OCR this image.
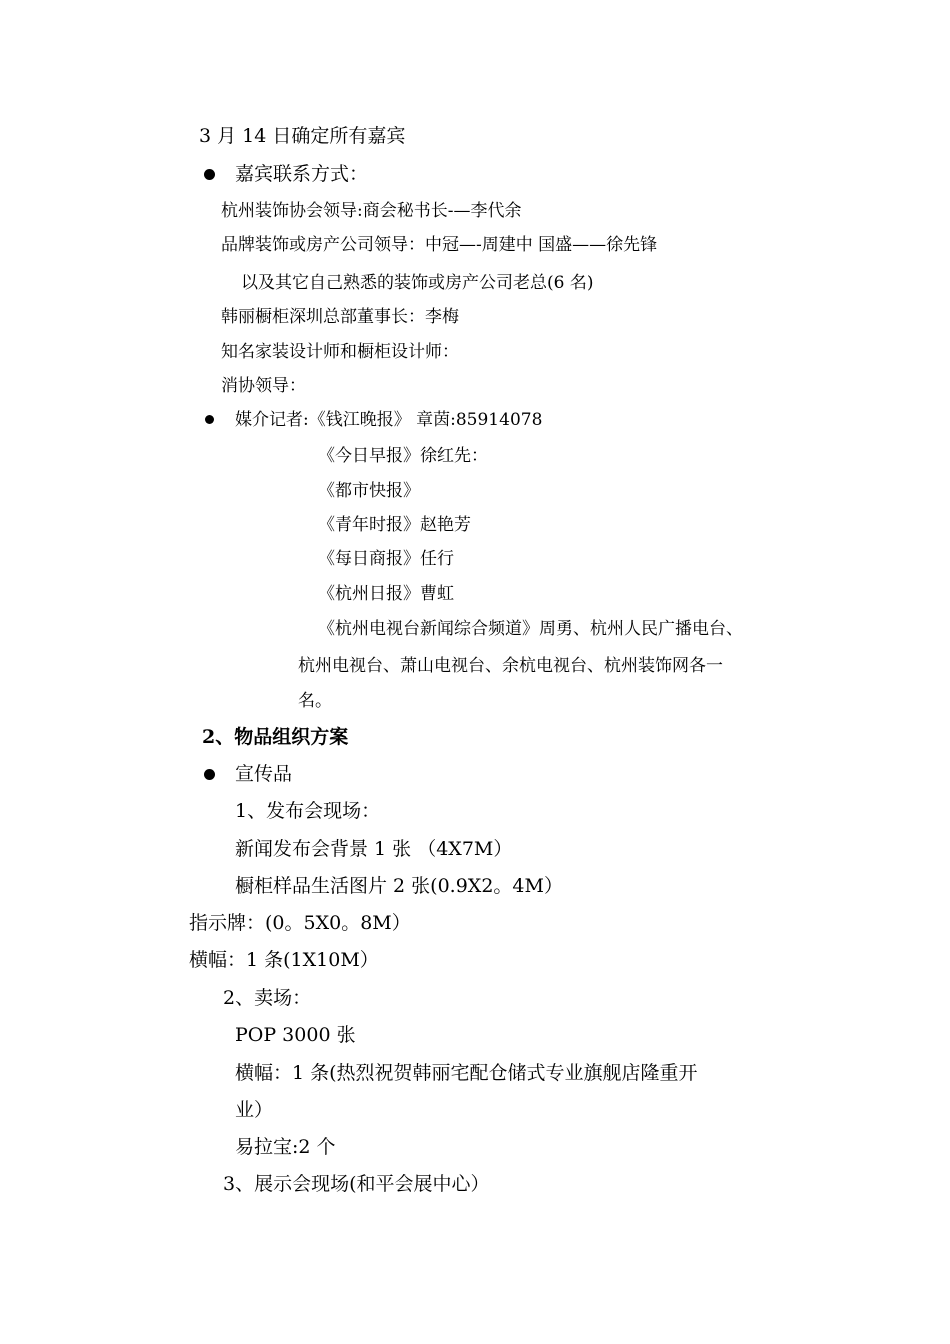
3 月 14 日确定所有嘉宾
嘉宾联系方式：
杭州装饰协会领导:商会秘书长-—李代余
品牌装饰或房产公司领导：中冠—-周建中 国盛——徐先锋
以及其它自己熟悉的装饰或房产公司老总(6 名)
韩丽橱柜深圳总部董事长：李梅
知名家装设计师和橱柜设计师：
消协领导：
媒介记者:《钱江晚报》 章茵:85914078
《今日早报》徐红先：
《都市快报》
《青年时报》赵艳芳
《每日商报》任行
《杭州日报》曹虹
《杭州电视台新闻综合频道》周勇、杭州人民广播电台、
杭州电视台、萧山电视台、余杭电视台、杭州装饰网各一
名。
2、物品组织方案
宣传品
1、发布会现场：
新闻发布会背景 1 张 （4X7M）
橱柜样品生活图片 2 张(0.9X2。4M）
指示牌：(0。5X0。8M）
横幅：1 条(1X10M）
2、卖场：
POP 3000 张
横幅：1 条(热烈祝贺韩丽宅配仓储式专业旗舰店隆重开
业）
易拉宝:2 个
3、展示会现场(和平会展中心）
